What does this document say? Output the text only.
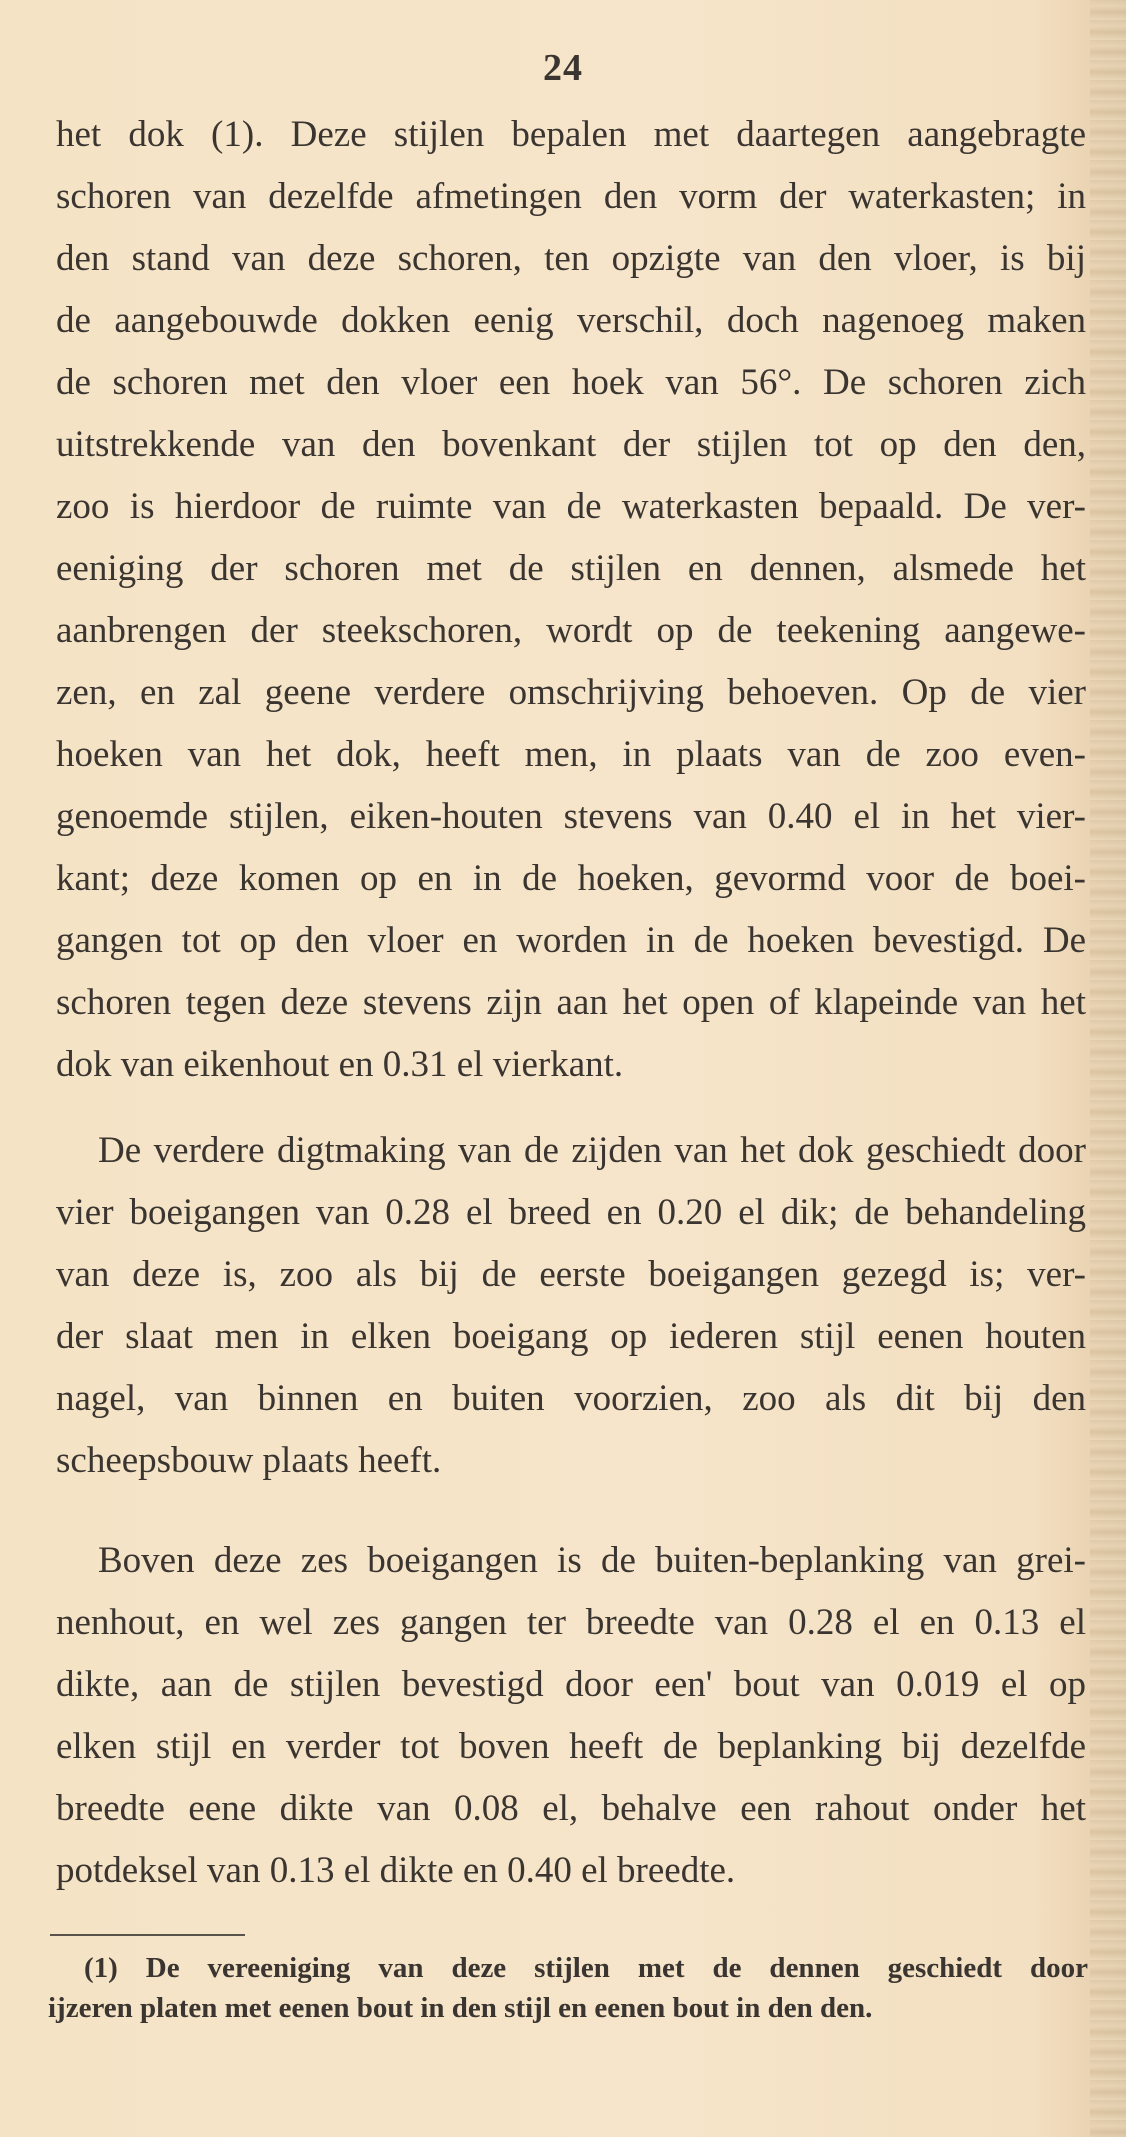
24
het dok (1). Deze stijlen bepalen met daartegen aangebragte
schoren van dezelfde afmetingen den vorm der waterkasten; in
den stand van deze schoren, ten opzigte van den vloer, is bij
de aangebouwde dokken eenig verschil, doch nagenoeg maken
de schoren met den vloer een hoek van 56°. De schoren zich
uitstrekkende van den bovenkant der stijlen tot op den den,
zoo is hierdoor de ruimte van de waterkasten bepaald. De ver-
eeniging der schoren met de stijlen en dennen, alsmede het
aanbrengen der steekschoren, wordt op de teekening aangewe-
zen, en zal geene verdere omschrijving behoeven. Op de vier
hoeken van het dok, heeft men, in plaats van de zoo even-
genoemde stijlen, eiken-houten stevens van 0.40 el in het vier-
kant; deze komen op en in de hoeken, gevormd voor de boei-
gangen tot op den vloer en worden in de hoeken bevestigd. De
schoren tegen deze stevens zijn aan het open of klapeinde van het
dok van eikenhout en 0.31 el vierkant.
De verdere digtmaking van de zijden van het dok geschiedt door
vier boeigangen van 0.28 el breed en 0.20 el dik; de behandeling
van deze is, zoo als bij de eerste boeigangen gezegd is; ver-
der slaat men in elken boeigang op iederen stijl eenen houten
nagel, van binnen en buiten voorzien, zoo als dit bij den
scheepsbouw plaats heeft.
Boven deze zes boeigangen is de buiten-beplanking van grei-
nenhout, en wel zes gangen ter breedte van 0.28 el en 0.13 el
dikte, aan de stijlen bevestigd door een' bout van 0.019 el op
elken stijl en verder tot boven heeft de beplanking bij dezelfde
breedte eene dikte van 0.08 el, behalve een rahout onder het
potdeksel van 0.13 el dikte en 0.40 el breedte.
(1) De vereeniging van deze stijlen met de dennen geschiedt door
ijzeren platen met eenen bout in den stijl en eenen bout in den den.
